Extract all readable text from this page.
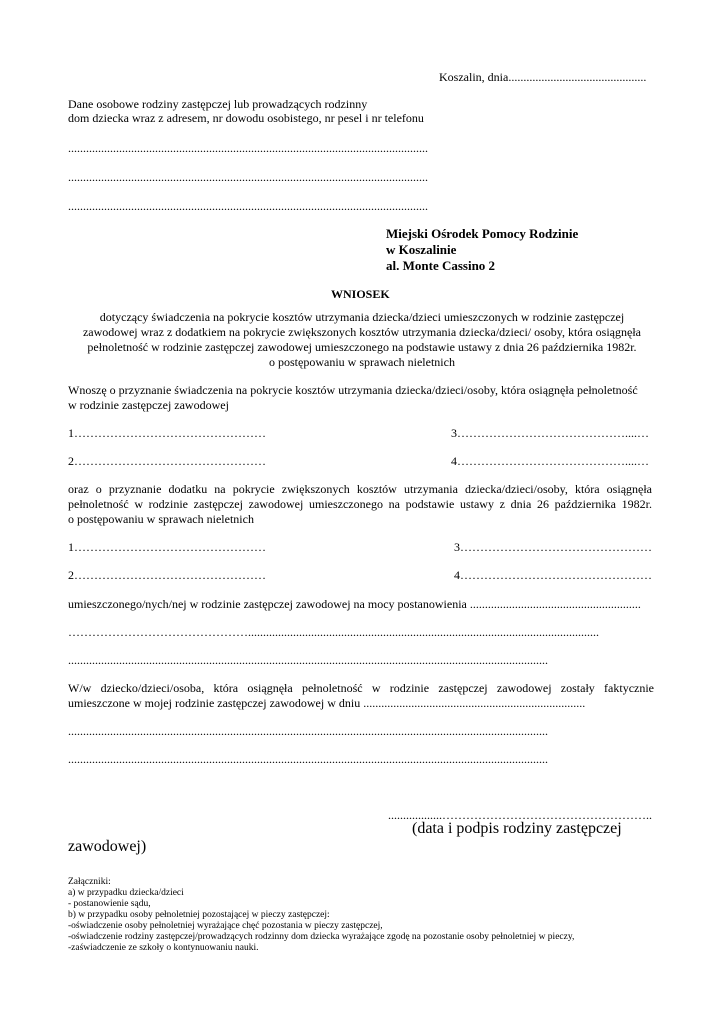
Koszalin, dnia..............................................
Dane osobowe rodziny zastępczej lub prowadzących rodzinny
dom dziecka wraz z adresem, nr dowodu osobistego, nr pesel i nr telefonu
........................................................................................................................
........................................................................................................................
........................................................................................................................
Miejski Ośrodek Pomocy Rodzinie
w Koszalinie
al. Monte Cassino 2
WNIOSEK
dotyczący świadczenia na pokrycie kosztów utrzymania dziecka/dzieci umieszczonych w rodzinie zastępczej
zawodowej wraz z dodatkiem na pokrycie zwiększonych kosztów utrzymania dziecka/dzieci/ osoby, która osiągnęła
pełnoletność w rodzinie zastępczej zawodowej umieszczonego na podstawie ustawy z dnia 26 października 1982r.
o postępowaniu w sprawach nieletnich
Wnoszę o przyznanie świadczenia na pokrycie kosztów utrzymania dziecka/dzieci/osoby, która osiągnęła pełnoletność
w rodzinie zastępczej zawodowej
1…………………………………………	3……………………………………....…
2…………………………………………	4……………………………………....…
oraz o przyznanie dodatku na pokrycie zwiększonych kosztów utrzymania dziecka/dzieci/osoby, która osiągnęła
pełnoletność w rodzinie zastępczej zawodowej umieszczonego na podstawie ustawy z dnia 26 października 1982r.
o postępowaniu w sprawach nieletnich
1…………………………………………	3…………………………………………
2…………………………………………	4…………………………………………
umieszczonego/nych/nej w rodzinie zastępczej zawodowej na mocy postanowienia .........................................................
……………………………………….....................................................................................................................
................................................................................................................................................................
W/w dziecko/dzieci/osoba, która osiągnęła pełnoletność w rodzinie zastępczej zawodowej zostały faktycznie
umieszczone w mojej rodzinie zastępczej zawodowej w dniu ..........................................................................
................................................................................................................................................................
................................................................................................................................................................
..................……………………………………………..
(data i podpis rodziny zastępczej
zawodowej)
Załączniki:
a) w przypadku dziecka/dzieci
- postanowienie sądu,
b) w przypadku osoby pełnoletniej pozostającej w pieczy zastępczej:
-oświadczenie osoby pełnoletniej wyrażające chęć pozostania w pieczy zastępczej,
-oświadczenie rodziny zastępczej/prowadzących rodzinny dom dziecka wyrażające zgodę na pozostanie osoby pełnoletniej w pieczy,
-zaświadczenie ze szkoły o kontynuowaniu nauki.
